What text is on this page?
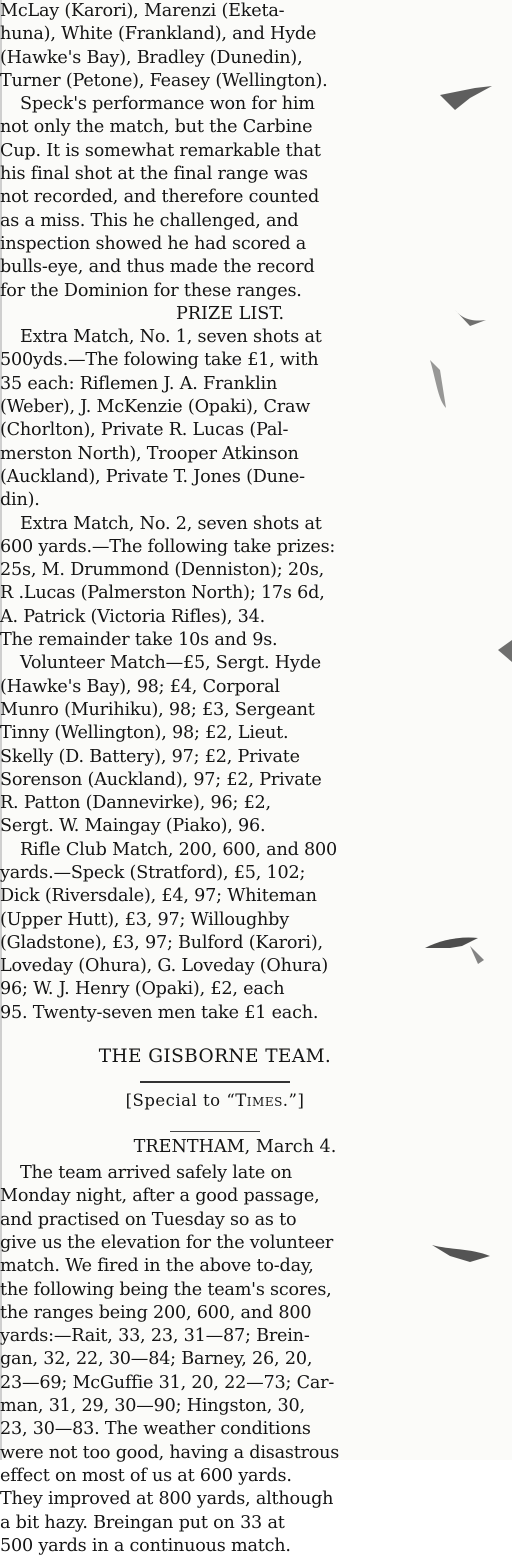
McLay (Karori), Marenzi (Eketa-
huna), White (Frankland), and Hyde
(Hawke's Bay), Bradley (Dunedin),
Turner (Petone), Feasey (Wellington).
Speck's performance won for him
not only the match, but the Carbine
Cup. It is somewhat remarkable that
his final shot at the final range was
not recorded, and therefore counted
as a miss. This he challenged, and
inspection showed he had scored a
bulls-eye, and thus made the record
for the Dominion for these ranges.
PRIZE LIST.
Extra Match, No. 1, seven shots at
500yds.—The folowing take £1, with
35 each: Riflemen J. A. Franklin
(Weber), J. McKenzie (Opaki), Craw
(Chorlton), Private R. Lucas (Pal-
merston North), Trooper Atkinson
(Auckland), Private T. Jones (Dune-
din).
Extra Match, No. 2, seven shots at
600 yards.—The following take prizes:
25s, M. Drummond (Denniston); 20s,
R .Lucas (Palmerston North); 17s 6d,
A. Patrick (Victoria Rifles), 34.
The remainder take 10s and 9s.
Volunteer Match—£5, Sergt. Hyde
(Hawke's Bay), 98; £4, Corporal
Munro (Murihiku), 98; £3, Sergeant
Tinny (Wellington), 98; £2, Lieut.
Skelly (D. Battery), 97; £2, Private
Sorenson (Auckland), 97; £2, Private
R. Patton (Dannevirke), 96; £2,
Sergt. W. Maingay (Piako), 96.
Rifle Club Match, 200, 600, and 800
yards.—Speck (Stratford), £5, 102;
Dick (Riversdale), £4, 97; Whiteman
(Upper Hutt), £3, 97; Willoughby
(Gladstone), £3, 97; Bulford (Karori),
Loveday (Ohura), G. Loveday (Ohura)
96; W. J. Henry (Opaki), £2, each
95. Twenty-seven men take £1 each.
THE GISBORNE TEAM.
[Special to “Times.”]
TRENTHAM, March 4.
The team arrived safely late on
Monday night, after a good passage,
and practised on Tuesday so as to
give us the elevation for the volunteer
match. We fired in the above to-day,
the following being the team's scores,
the ranges being 200, 600, and 800
yards:—Rait, 33, 23, 31—87; Brein-
gan, 32, 22, 30—84; Barney, 26, 20,
23—69; McGuffie 31, 20, 22—73; Car-
man, 31, 29, 30—90; Hingston, 30,
23, 30—83. The weather conditions
were not too good, having a disastrous
effect on most of us at 600 yards.
They improved at 800 yards, although
a bit hazy. Breingan put on 33 at
500 yards in a continuous match.
